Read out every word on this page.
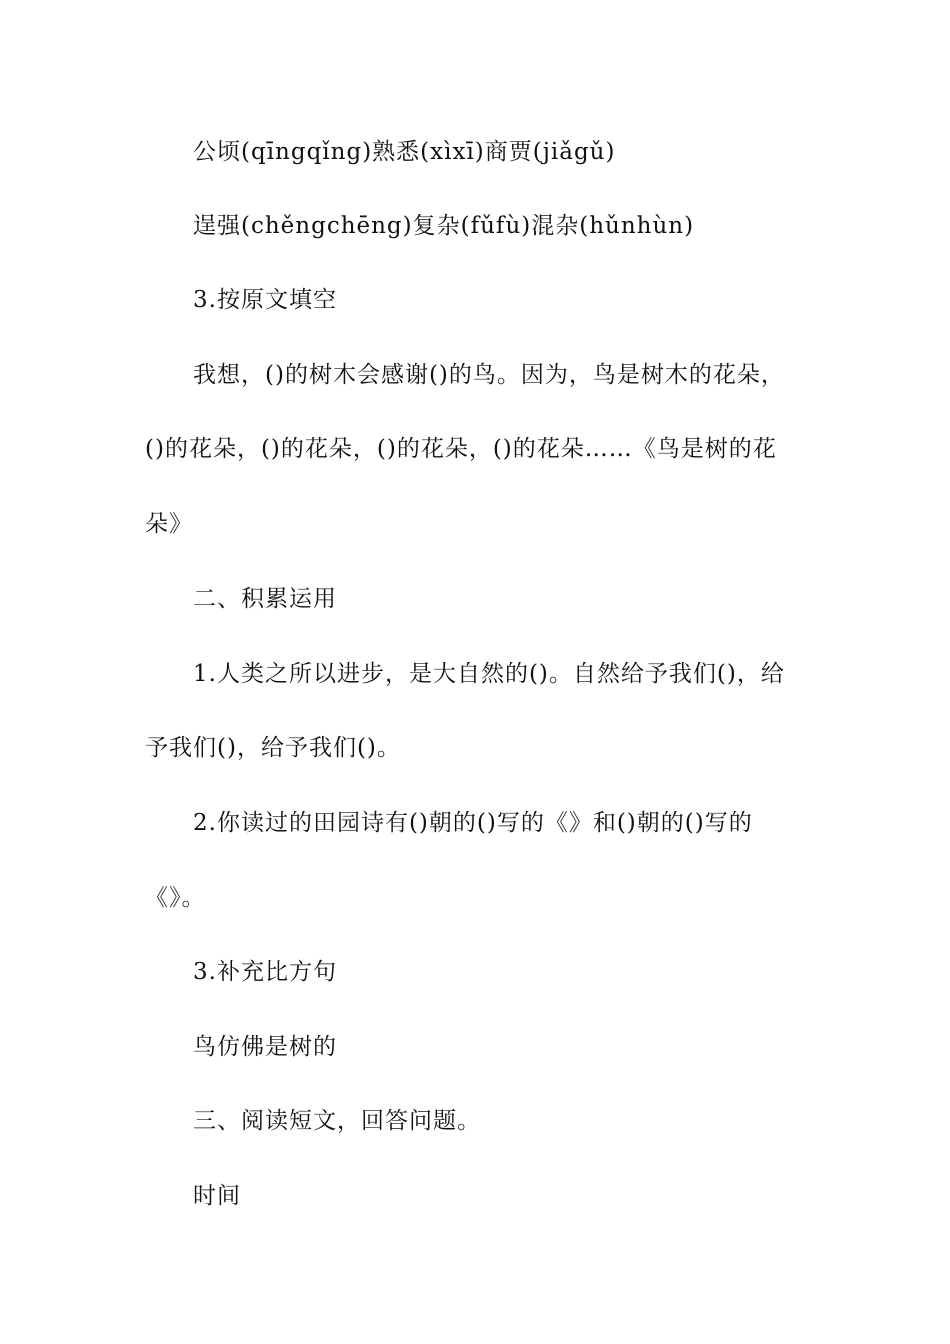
公顷(qīngqǐng)熟悉(xìxī)商贾(jiǎgǔ)
逞强(chěngchēng)复杂(fǔfù)混杂(hǔnhùn)
3.按原文填空
我想，()的树木会感谢()的鸟。因为，鸟是树木的花朵，
()的花朵，()的花朵，()的花朵，()的花朵……《鸟是树的花
朵》
二、积累运用
1.人类之所以进步，是大自然的()。自然给予我们()，给
予我们()，给予我们()。
2.你读过的田园诗有()朝的()写的《》和()朝的()写的
《》。
3.补充比方句
鸟仿佛是树的
三、阅读短文，回答问题。
时间
